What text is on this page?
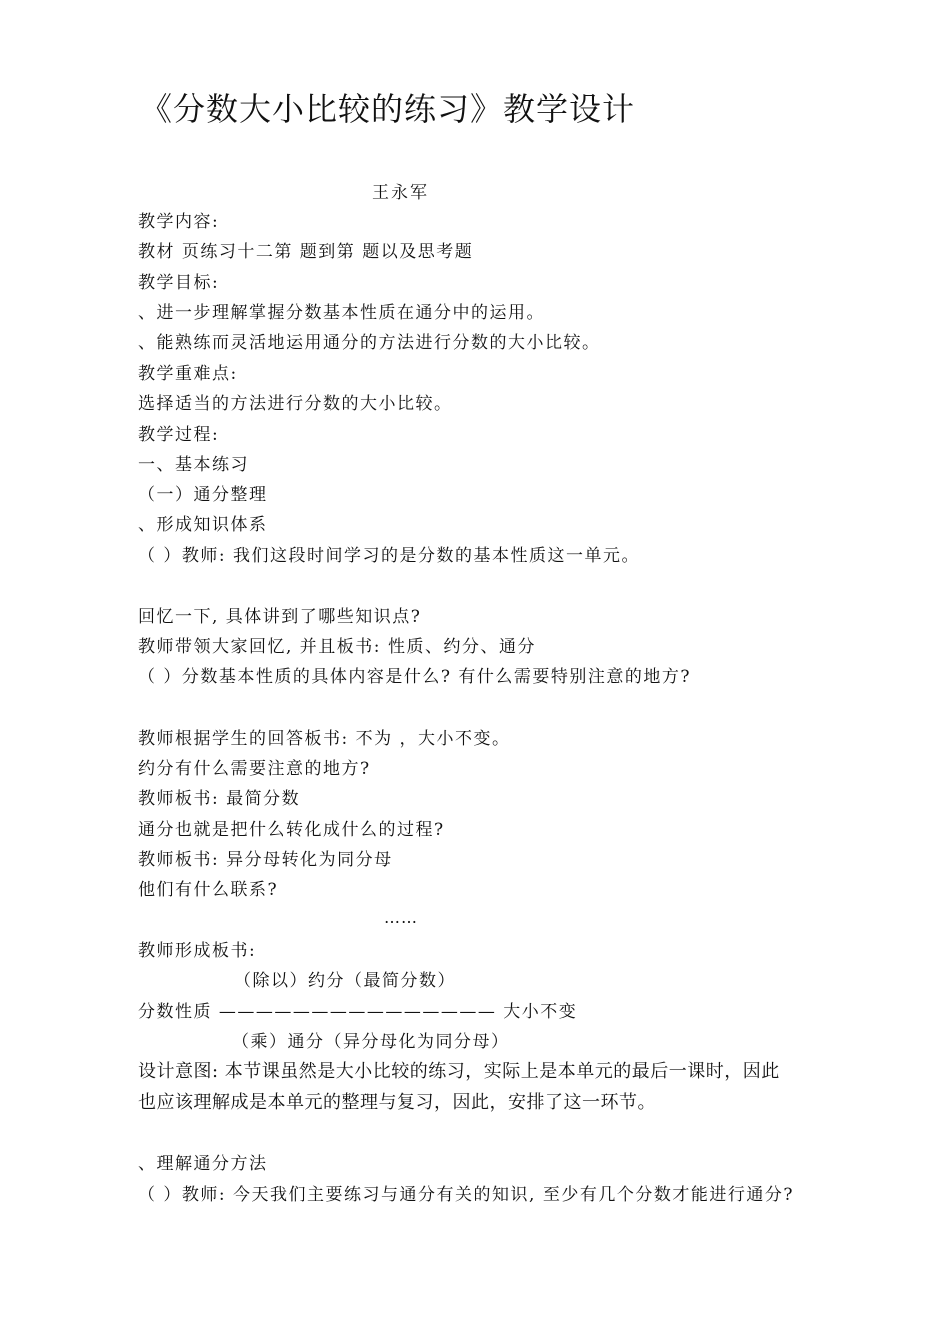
《分数大小比较的练习》教学设计
王永军
教学内容:
教材 页练习十二第 题到第 题以及思考题
教学目标:
、进一步理解掌握分数基本性质在通分中的运用。
、能熟练而灵活地运用通分的方法进行分数的大小比较。
教学重难点:
选择适当的方法进行分数的大小比较。
教学过程:
一、基本练习
（一）通分整理
、形成知识体系
（ ）教师: 我们这段时间学习的是分数的基本性质这一单元。
回忆一下, 具体讲到了哪些知识点?
教师带领大家回忆, 并且板书: 性质、约分、通分
（ ）分数基本性质的具体内容是什么? 有什么需要特别注意的地方?
教师根据学生的回答板书: 不为 ，大小不变。
约分有什么需要注意的地方?
教师板书: 最简分数
通分也就是把什么转化成什么的过程?
教师板书: 异分母转化为同分母
他们有什么联系?
……
教师形成板书:
（除以）约分（最简分数）
分数性质 ——————————————— 大小不变
（乘）通分（异分母化为同分母）
设计意图: 本节课虽然是大小比较的练习，实际上是本单元的最后一课时，因此
也应该理解成是本单元的整理与复习，因此，安排了这一环节。
、理解通分方法
（ ）教师: 今天我们主要练习与通分有关的知识, 至少有几个分数才能进行通分?
